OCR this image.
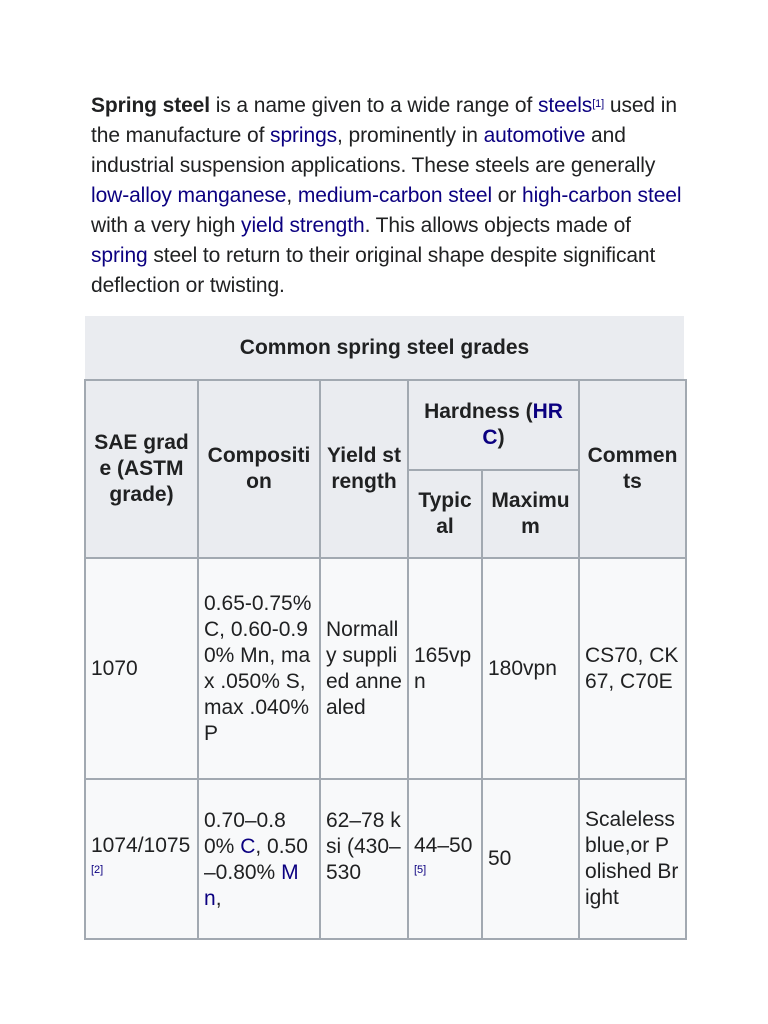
Spring steel is a name given to a wide range of steels[1] used in the manufacture of springs, prominently in automotive and industrial suspension applications. These steels are generally low-alloy manganese, medium-carbon steel or high-carbon steel with a very high yield strength. This allows objects made of spring steel to return to their original shape despite significant deflection or twisting.

Common spring steel grades
SAE grade (ASTM grade)	Composition	Yield strength	Hardness (HRC)		Comments
			Typical	Maximum	
1070	0.65-0.75% C, 0.60-0.90% Mn, max .050% S, max .040% P	Normally supplied annealed	165vpn	180vpn	CS70, CK67, C70E
1074/1075[2]	0.70–0.80% C, 0.50–0.80% Mn,	62–78 ksi (430–530	44–50[5]	50	Scaleless blue,or Polished Bright
